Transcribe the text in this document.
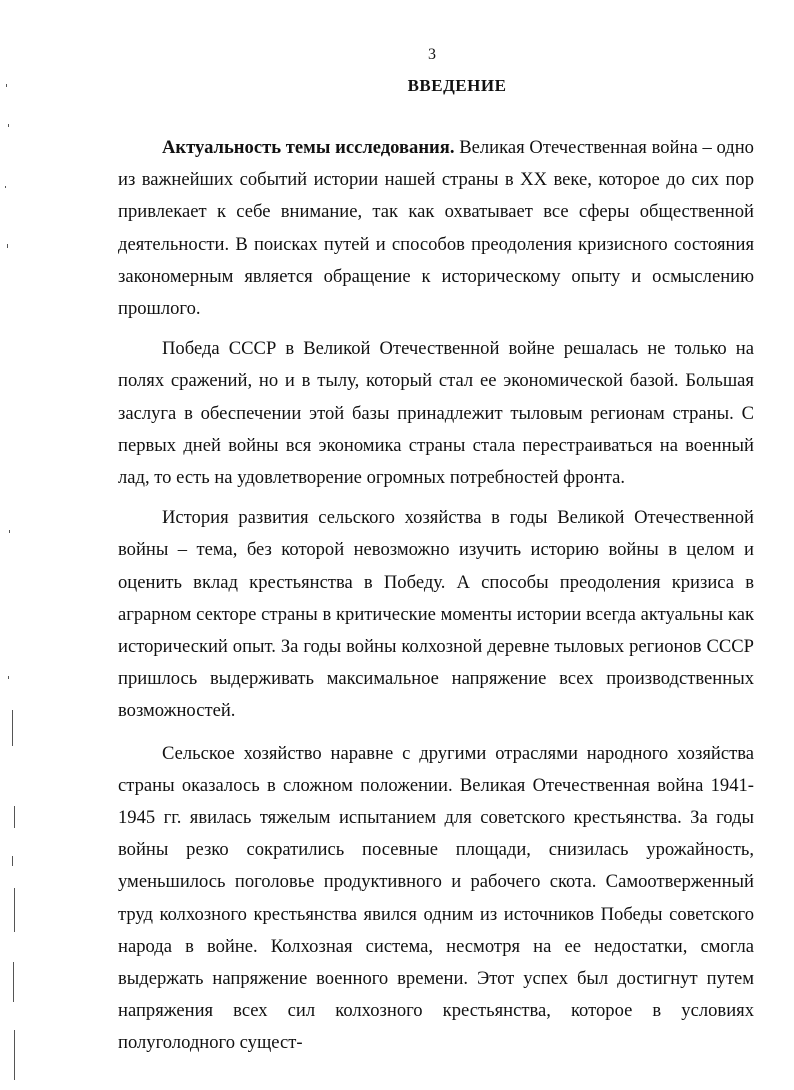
3
ВВЕДЕНИЕ

Актуальность темы исследования. Великая Отечественная война – одно из важнейших событий истории нашей страны в XX веке, которое до сих пор привлекает к себе внимание, так как охватывает все сферы общественной деятельности. В поисках путей и способов преодоления кризисного состояния закономерным является обращение к историческому опыту и осмыслению прошлого.

Победа СССР в Великой Отечественной войне решалась не только на полях сражений, но и в тылу, который стал ее экономической базой. Большая заслуга в обеспечении этой базы принадлежит тыловым регионам страны. С первых дней войны вся экономика страны стала перестраиваться на военный лад, то есть на удовлетворение огромных потребностей фронта.

История развития сельского хозяйства в годы Великой Отечественной войны – тема, без которой невозможно изучить историю войны в целом и оценить вклад крестьянства в Победу. А способы преодоления кризиса в аграрном секторе страны в критические моменты истории всегда актуальны как исторический опыт. За годы войны колхозной деревне тыловых регионов СССР пришлось выдерживать максимальное напряжение всех производственных возможностей.

Сельское хозяйство наравне с другими отраслями народного хозяйства страны оказалось в сложном положении. Великая Отечественная война 1941-1945 гг. явилась тяжелым испытанием для советского крестьянства. За годы войны резко сократились посевные площади, снизилась урожайность, уменьшилось поголовье продуктивного и рабочего скота. Самоотверженный труд колхозного крестьянства явился одним из источников Победы советского народа в войне. Колхозная система, несмотря на ее недостатки, смогла выдержать напряжение военного времени. Этот успех был достигнут путем напряжения всех сил колхозного крестьянства, которое в условиях полуголодного сущест-
